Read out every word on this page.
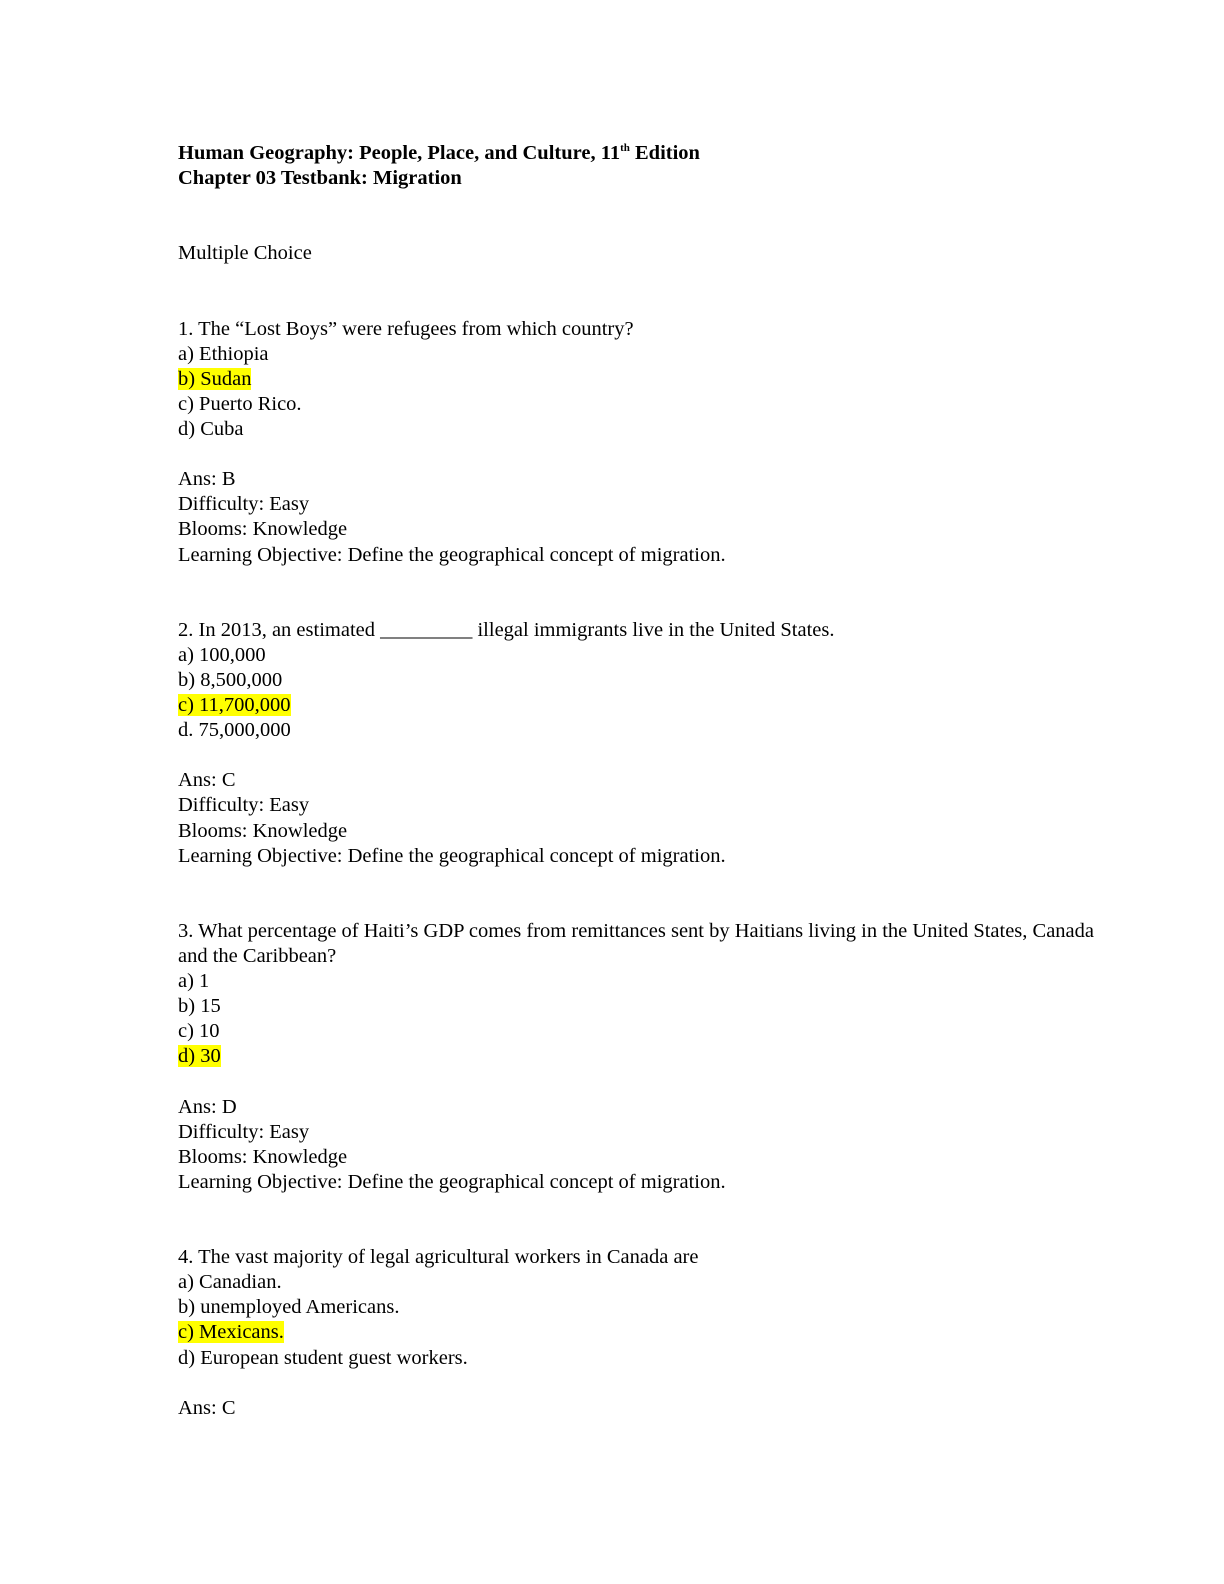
Human Geography: People, Place, and Culture, 11th Edition
Chapter 03 Testbank: Migration
Multiple Choice
1. The “Lost Boys” were refugees from which country?
a) Ethiopia
b) Sudan
c) Puerto Rico.
d) Cuba
Ans: B
Difficulty: Easy
Blooms: Knowledge
Learning Objective: Define the geographical concept of migration.
2. In 2013, an estimated _________ illegal immigrants live in the United States.
a) 100,000
b) 8,500,000
c) 11,700,000
d. 75,000,000
Ans: C
Difficulty: Easy
Blooms: Knowledge
Learning Objective: Define the geographical concept of migration.
3. What percentage of Haiti’s GDP comes from remittances sent by Haitians living in the United States, Canada and the Caribbean?
a) 1
b) 15
c) 10
d) 30
Ans: D
Difficulty: Easy
Blooms: Knowledge
Learning Objective: Define the geographical concept of migration.
4. The vast majority of legal agricultural workers in Canada are
a) Canadian.
b) unemployed Americans.
c) Mexicans.
d) European student guest workers.
Ans: C
